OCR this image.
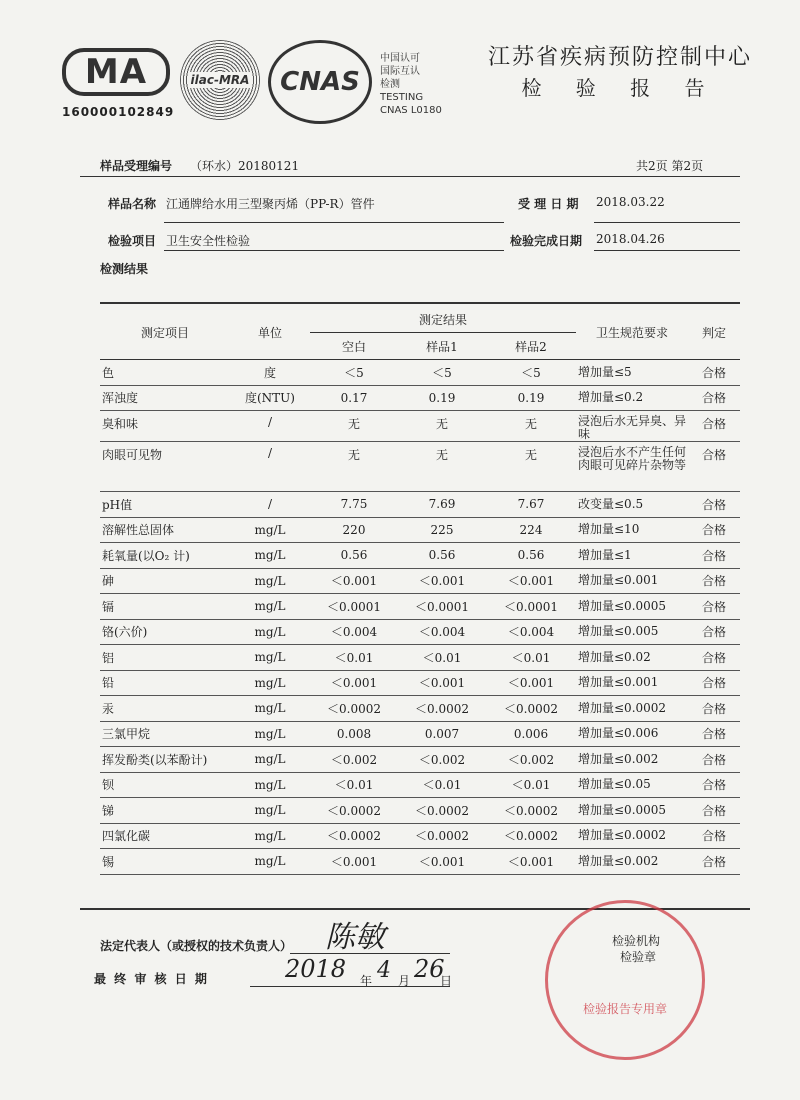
MA
160000102849
ilac-MRA CNAS
中国认可
国际互认
检测
TESTING
CNAS L0180
江苏省疾病预防控制中心
检 验 报 告
样品受理编号 （环水）20180121	共2页 第2页
样品名称 江通牌给水用三型聚丙烯（PP-R）管件	受 理 日 期 2018.03.22
检验项目 卫生安全性检验	检验完成日期 2018.04.26
检测结果
测定项目	单位	测定结果			卫生规范要求	判定
		空白	样品1	样品2		
色	度	＜5	＜5	＜5	增加量≤5	合格
浑浊度	度(NTU)	0.17	0.19	0.19	增加量≤0.2	合格
臭和味	/	无	无	无	浸泡后水无异臭、异味	合格
肉眼可见物	/	无	无	无	浸泡后水不产生任何肉眼可见碎片杂物等	合格
pH值	/	7.75	7.69	7.67	改变量≤0.5	合格
溶解性总固体	mg/L	220	225	224	增加量≤10	合格
耗氧量(以O₂ 计)	mg/L	0.56	0.56	0.56	增加量≤1	合格
砷	mg/L	＜0.001	＜0.001	＜0.001	增加量≤0.001	合格
镉	mg/L	＜0.0001	＜0.0001	＜0.0001	增加量≤0.0005	合格
铬(六价)	mg/L	＜0.004	＜0.004	＜0.004	增加量≤0.005	合格
铝	mg/L	＜0.01	＜0.01	＜0.01	增加量≤0.02	合格
铅	mg/L	＜0.001	＜0.001	＜0.001	增加量≤0.001	合格
汞	mg/L	＜0.0002	＜0.0002	＜0.0002	增加量≤0.0002	合格
三氯甲烷	mg/L	0.008	0.007	0.006	增加量≤0.006	合格
挥发酚类(以苯酚计)	mg/L	＜0.002	＜0.002	＜0.002	增加量≤0.002	合格
钡	mg/L	＜0.01	＜0.01	＜0.01	增加量≤0.05	合格
锑	mg/L	＜0.0002	＜0.0002	＜0.0002	增加量≤0.0005	合格
四氯化碳	mg/L	＜0.0002	＜0.0002	＜0.0002	增加量≤0.0002	合格
锡	mg/L	＜0.001	＜0.001	＜0.001	增加量≤0.002	合格
法定代表人（或授权的技术负责人） 陈敏
最 终 审 核 日 期	2018 年 4 月 26
日
检验机构
检验章
检验报告专用章
